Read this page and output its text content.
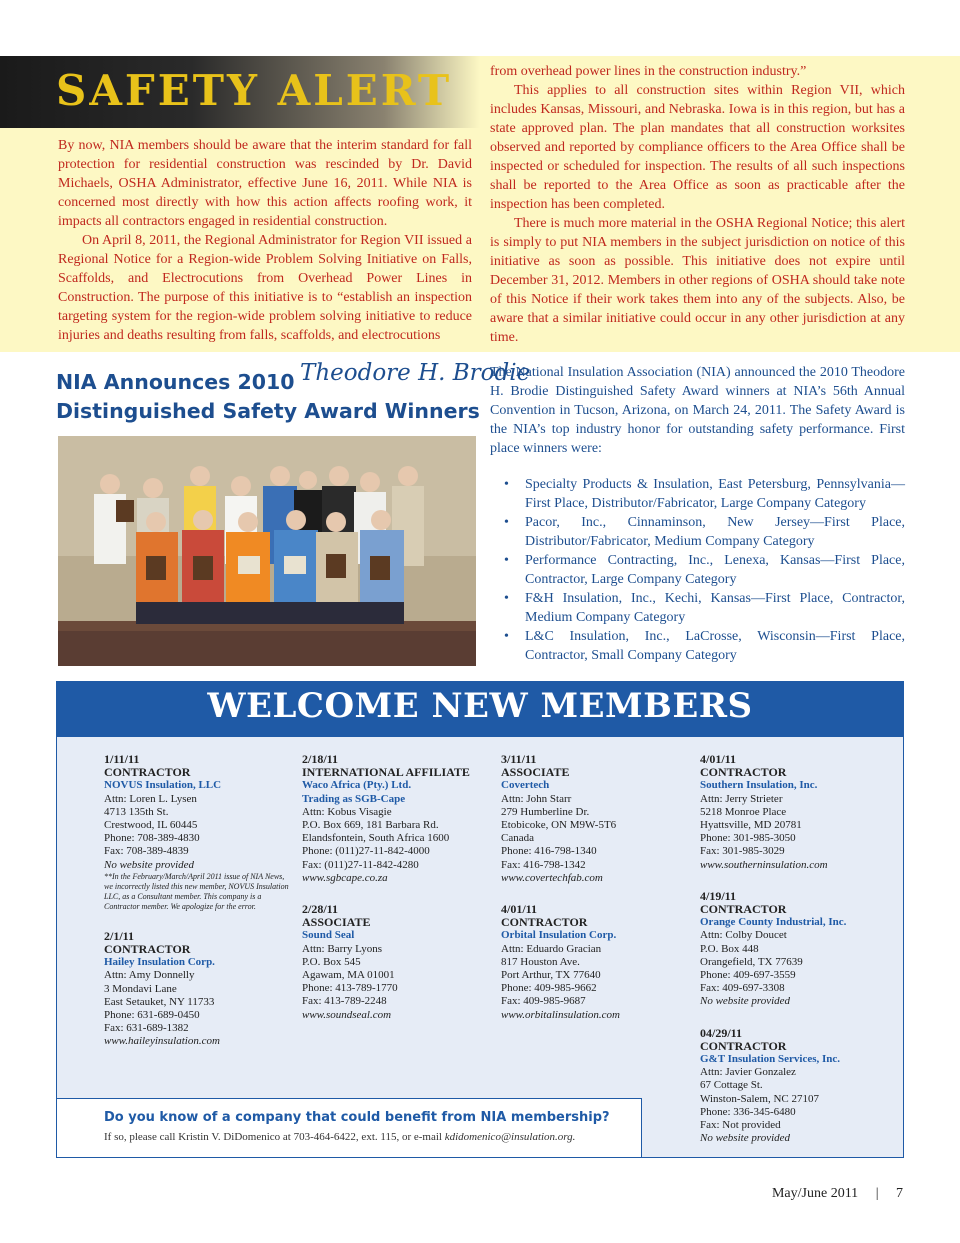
SAFETY ALERT

By now, NIA members should be aware that the interim standard for fall protection for residential construction was rescinded by Dr. David Michaels, OSHA Administrator, effective June 16, 2011. While NIA is concerned most directly with how this action affects roofing work, it impacts all contractors engaged in residential construction.

On April 8, 2011, the Regional Administrator for Region VII issued a Regional Notice for a Region-wide Problem Solving Initiative on Falls, Scaffolds, and Electrocutions from Overhead Power Lines in Construction. The purpose of this initiative is to “establish an inspection targeting system for the region-wide problem solving initiative to reduce injuries and deaths resulting from falls, scaffolds, and electrocutions

from overhead power lines in the construction industry.”

This applies to all construction sites within Region VII, which includes Kansas, Missouri, and Nebraska. Iowa is in this region, but has a state approved plan. The plan mandates that all construction worksites observed and reported by compliance officers to the Area Office shall be inspected or scheduled for inspection. The results of all such inspections shall be reported to the Area Office as soon as practicable after the inspection has been completed.

There is much more material in the OSHA Regional Notice; this alert is simply to put NIA members in the subject jurisdiction on notice of this initiative as soon as possible. This initiative does not expire until December 31, 2012. Members in other regions of OSHA should take note of this Notice if their work takes them into any of the subjects. Also, be aware that a similar initiative could occur in any other jurisdiction at any time.

NIA Announces 2010
Distinguished Safety Award Winners
Theodore H. Brodie
The National Insulation Association (NIA) announced the 2010 Theodore H. Brodie Distinguished Safety Award winners at NIA’s 56th Annual Convention in Tucson, Arizona, on March 24, 2011. The Safety Award is the NIA’s top industry honor for outstanding safety performance. First place winners were:
• Specialty Products & Insulation, East Petersburg, Pennsylvania—First Place, Distributor/Fabricator, Large Company Category
• Pacor, Inc., Cinnaminson, New Jersey—First Place, Distributor/Fabricator, Medium Company Category
• Performance Contracting, Inc., Lenexa, Kansas—First Place, Contractor, Large Company Category
• F&H Insulation, Inc., Kechi, Kansas—First Place, Contractor, Medium Company Category
• L&C Insulation, Inc., LaCrosse, Wisconsin—First Place, Contractor, Small Company Category
WELCOME NEW MEMBERS
1/11/11
CONTRACTOR
NOVUS Insulation, LLC
Attn: Loren L. Lysen
4713 135th St.
Crestwood, IL 60445
Phone: 708-389-4830
Fax: 708-389-4839
No website provided
**In the February/March/April 2011 issue of NIA News, we incorrectly listed this new member, NOVUS Insulation LLC, as a Consultant member. This company is a Contractor member. We apologize for the error.
2/1/11
CONTRACTOR
Hailey Insulation Corp.
Attn: Amy Donnelly
3 Mondavi Lane
East Setauket, NY 11733
Phone: 631-689-0450
Fax: 631-689-1382
www.haileyinsulation.com
2/18/11
INTERNATIONAL AFFILIATE
Waco Africa (Pty.) Ltd.
Trading as SGB-Cape
Attn: Kobus Visagie
P.O. Box 669, 181 Barbara Rd.
Elandsfontein, South Africa 1600
Phone: (011)27-11-842-4000
Fax: (011)27-11-842-4280
www.sgbcape.co.za
2/28/11
ASSOCIATE
Sound Seal
Attn: Barry Lyons
P.O. Box 545
Agawam, MA 01001
Phone: 413-789-1770
Fax: 413-789-2248
www.soundseal.com
3/11/11
ASSOCIATE
Covertech
Attn: John Starr
279 Humberline Dr.
Etobicoke, ON M9W-5T6
Canada
Phone: 416-798-1340
Fax: 416-798-1342
www.covertechfab.com
4/01/11
CONTRACTOR
Orbital Insulation Corp.
Attn: Eduardo Gracian
817 Houston Ave.
Port Arthur, TX 77640
Phone: 409-985-9662
Fax: 409-985-9687
www.orbitalinsulation.com
4/01/11
CONTRACTOR
Southern Insulation, Inc.
Attn: Jerry Strieter
5218 Monroe Place
Hyattsville, MD 20781
Phone: 301-985-3050
Fax: 301-985-3029
www.southerninsulation.com
4/19/11
CONTRACTOR
Orange County Industrial, Inc.
Attn: Colby Doucet
P.O. Box 448
Orangefield, TX 77639
Phone: 409-697-3559
Fax: 409-697-3308
No website provided
04/29/11
CONTRACTOR
G&T Insulation Services, Inc.
Attn: Javier Gonzalez
67 Cottage St.
Winston-Salem, NC 27107
Phone: 336-345-6480
Fax: Not provided
No website provided
Do you know of a company that could benefit from NIA membership?
If so, please call Kristin V. DiDomenico at 703-464-6422, ext. 115, or e-mail kdidomenico@insulation.org.
May/June 2011 | 7
